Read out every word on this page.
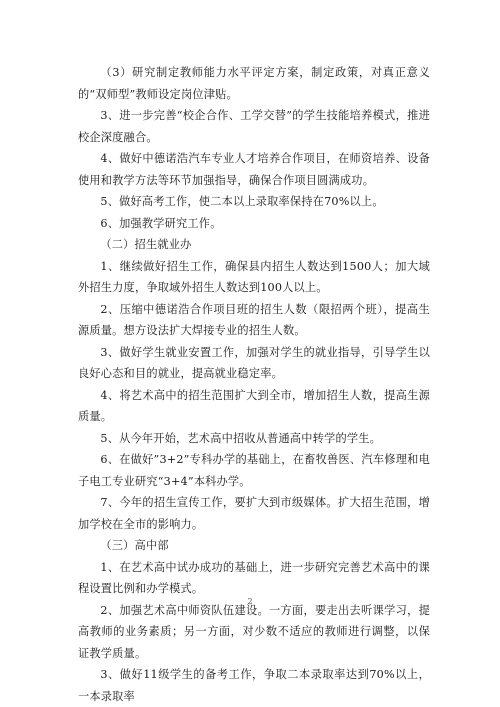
（3）研究制定教师能力水平评定方案，制定政策，对真正意义的“双师型”教师设定岗位津贴。

3、进一步完善“校企合作、工学交替”的学生技能培养模式，推进校企深度融合。

4、做好中德诺浩汽车专业人才培养合作项目，在师资培养、设备使用和教学方法等环节加强指导，确保合作项目圆满成功。

5、做好高考工作，使二本以上录取率保持在70%以上。

6、加强教学研究工作。

（二）招生就业办

1、继续做好招生工作，确保县内招生人数达到1500人；加大域外招生力度，争取域外招生人数达到100人以上。

2、压缩中德诺浩合作项目班的招生人数（限招两个班），提高生源质量。想方设法扩大焊接专业的招生人数。

3、做好学生就业安置工作，加强对学生的就业指导，引导学生以良好心态和目的就业，提高就业稳定率。

4、将艺术高中的招生范围扩大到全市，增加招生人数，提高生源质量。

5、从今年开始，艺术高中招收从普通高中转学的学生。

6、在做好”3+2”专科办学的基础上，在畜牧兽医、汽车修理和电子电工专业研究“3+4”本科办学。

7、今年的招生宣传工作，要扩大到市级媒体。扩大招生范围，增加学校在全市的影响力。

（三）高中部

1、在艺术高中试办成功的基础上，进一步研究完善艺术高中的课程设置比例和办学模式。

2、加强艺术高中师资队伍建设。一方面，要走出去听课学习，提高教师的业务素质；另一方面，对少数不适应的教师进行调整，以保证教学质量。

3、做好11级学生的备考工作，争取二本录取率达到70%以上，一本录取率

2
